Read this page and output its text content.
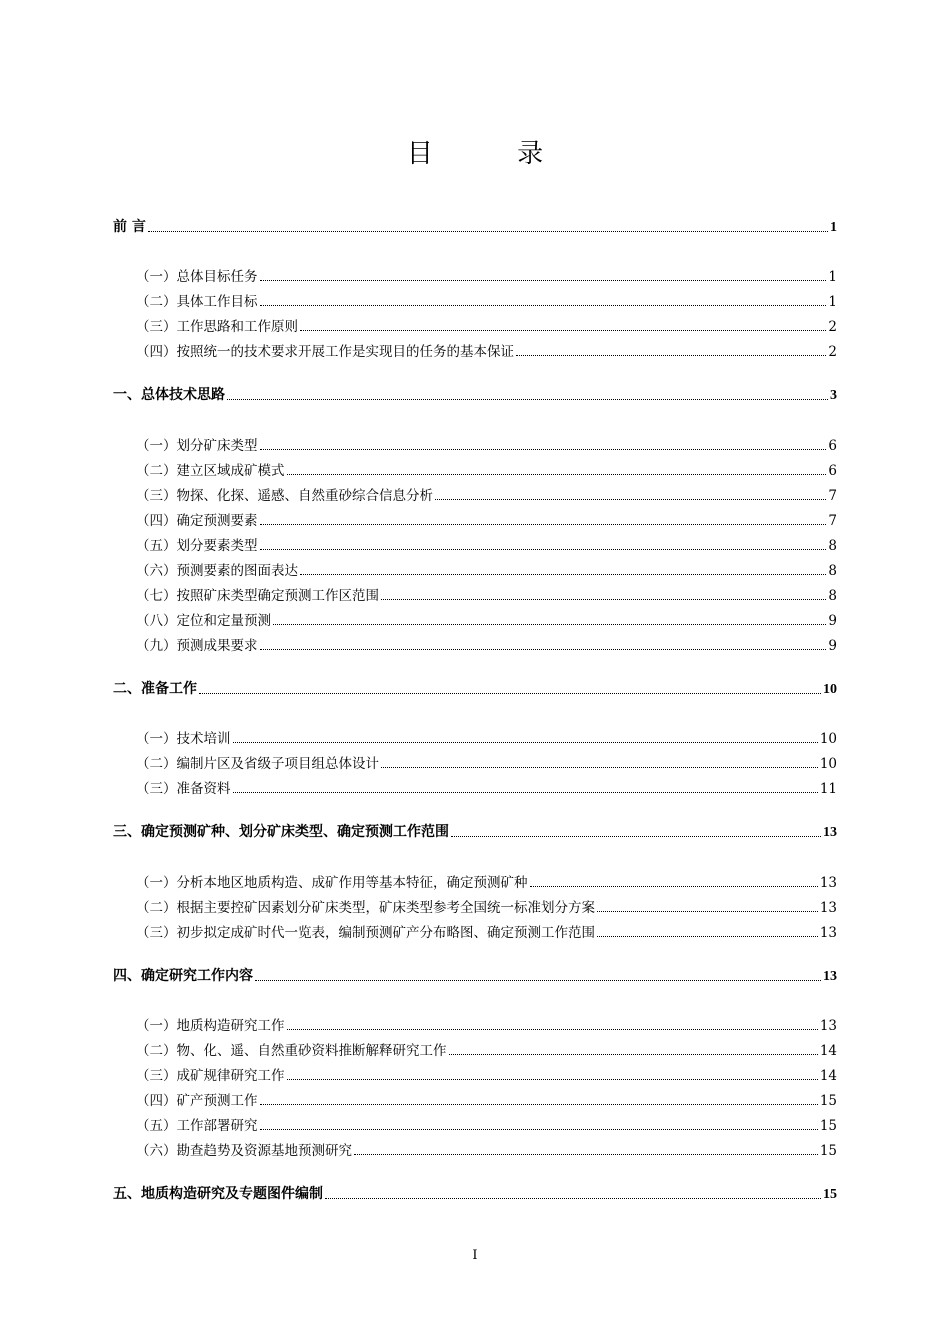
目 录
前 言	1
（一）总体目标任务	1
（二）具体工作目标	1
（三）工作思路和工作原则	2
（四）按照统一的技术要求开展工作是实现目的任务的基本保证	2
一、总体技术思路	3
（一）划分矿床类型	6
（二）建立区域成矿模式	6
（三）物探、化探、遥感、自然重砂综合信息分析	7
（四）确定预测要素	7
（五）划分要素类型	8
（六）预测要素的图面表达	8
（七）按照矿床类型确定预测工作区范围	8
（八）定位和定量预测	9
（九）预测成果要求	9
二、准备工作	10
（一）技术培训	10
（二）编制片区及省级子项目组总体设计	10
（三）准备资料	11
三、确定预测矿种、划分矿床类型、确定预测工作范围	13
（一）分析本地区地质构造、成矿作用等基本特征，确定预测矿种	13
（二）根据主要控矿因素划分矿床类型，矿床类型参考全国统一标准划分方案	13
（三）初步拟定成矿时代一览表，编制预测矿产分布略图、确定预测工作范围	13
四、确定研究工作内容	13
（一）地质构造研究工作	13
（二）物、化、遥、自然重砂资料推断解释研究工作	14
（三）成矿规律研究工作	14
（四）矿产预测工作	15
（五）工作部署研究	15
（六）勘查趋势及资源基地预测研究	15
五、地质构造研究及专题图件编制	15
I
